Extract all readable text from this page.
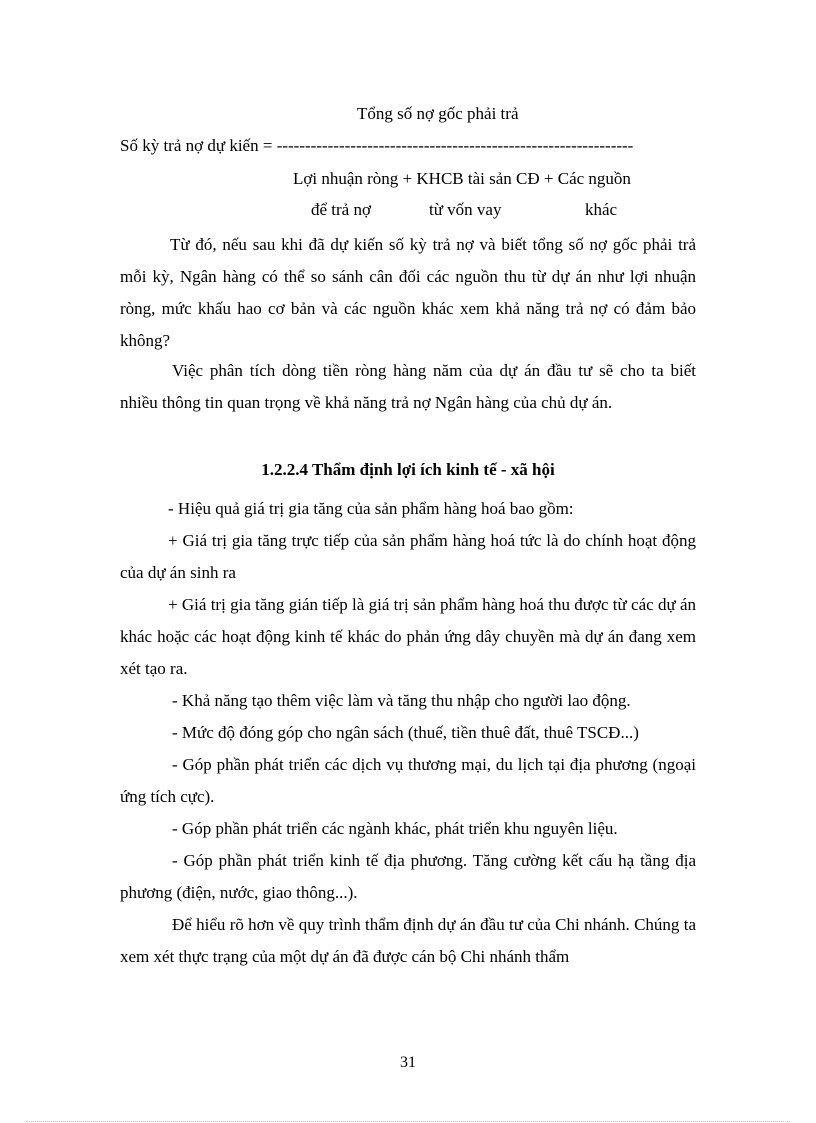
Tổng số nợ gốc phải trả
Số kỳ trả nợ dự kiến = ---------------------------------------------------------------
Lợi nhuận ròng + KHCB tài sản CĐ + Các nguồn
để trả nợ	từ vốn vay	khác

Từ đó, nếu sau khi đã dự kiến số kỳ trả nợ và biết tổng số nợ gốc phải trả mỗi kỳ, Ngân hàng có thể so sánh cân đối các nguồn thu từ dự án như lợi nhuận ròng, mức khấu hao cơ bản và các nguồn khác xem khả năng trả nợ có đảm bảo không?

Việc phân tích dòng tiền ròng hàng năm của dự án đầu tư sẽ cho ta biết nhiều thông tin quan trọng về khả năng trả nợ Ngân hàng của chủ dự án.

1.2.2.4 Thẩm định lợi ích kinh tế - xã hội

- Hiệu quả giá trị gia tăng của sản phẩm hàng hoá bao gồm:

+ Giá trị gia tăng trực tiếp của sản phẩm hàng hoá tức là do chính hoạt động của dự án sinh ra

+ Giá trị gia tăng gián tiếp là giá trị sản phẩm hàng hoá thu được từ các dự án khác hoặc các hoạt động kinh tế khác do phản ứng dây chuyền mà dự án đang xem xét tạo ra.

- Khả năng tạo thêm việc làm và tăng thu nhập cho người lao động.

- Mức độ đóng góp cho ngân sách (thuế, tiền thuê đất, thuê TSCĐ...)

- Góp phần phát triển các dịch vụ thương mại, du lịch tại địa phương (ngoại ứng tích cực).

- Góp phần phát triển các ngành khác, phát triển khu nguyên liệu.

- Góp phần phát triển kinh tế địa phương. Tăng cường kết cấu hạ tầng địa phương (điện, nước, giao thông...).

Để hiểu rõ hơn về quy trình thẩm định dự án đầu tư của Chi nhánh. Chúng ta xem xét thực trạng của một dự án đã được cán bộ Chi nhánh thẩm

31
